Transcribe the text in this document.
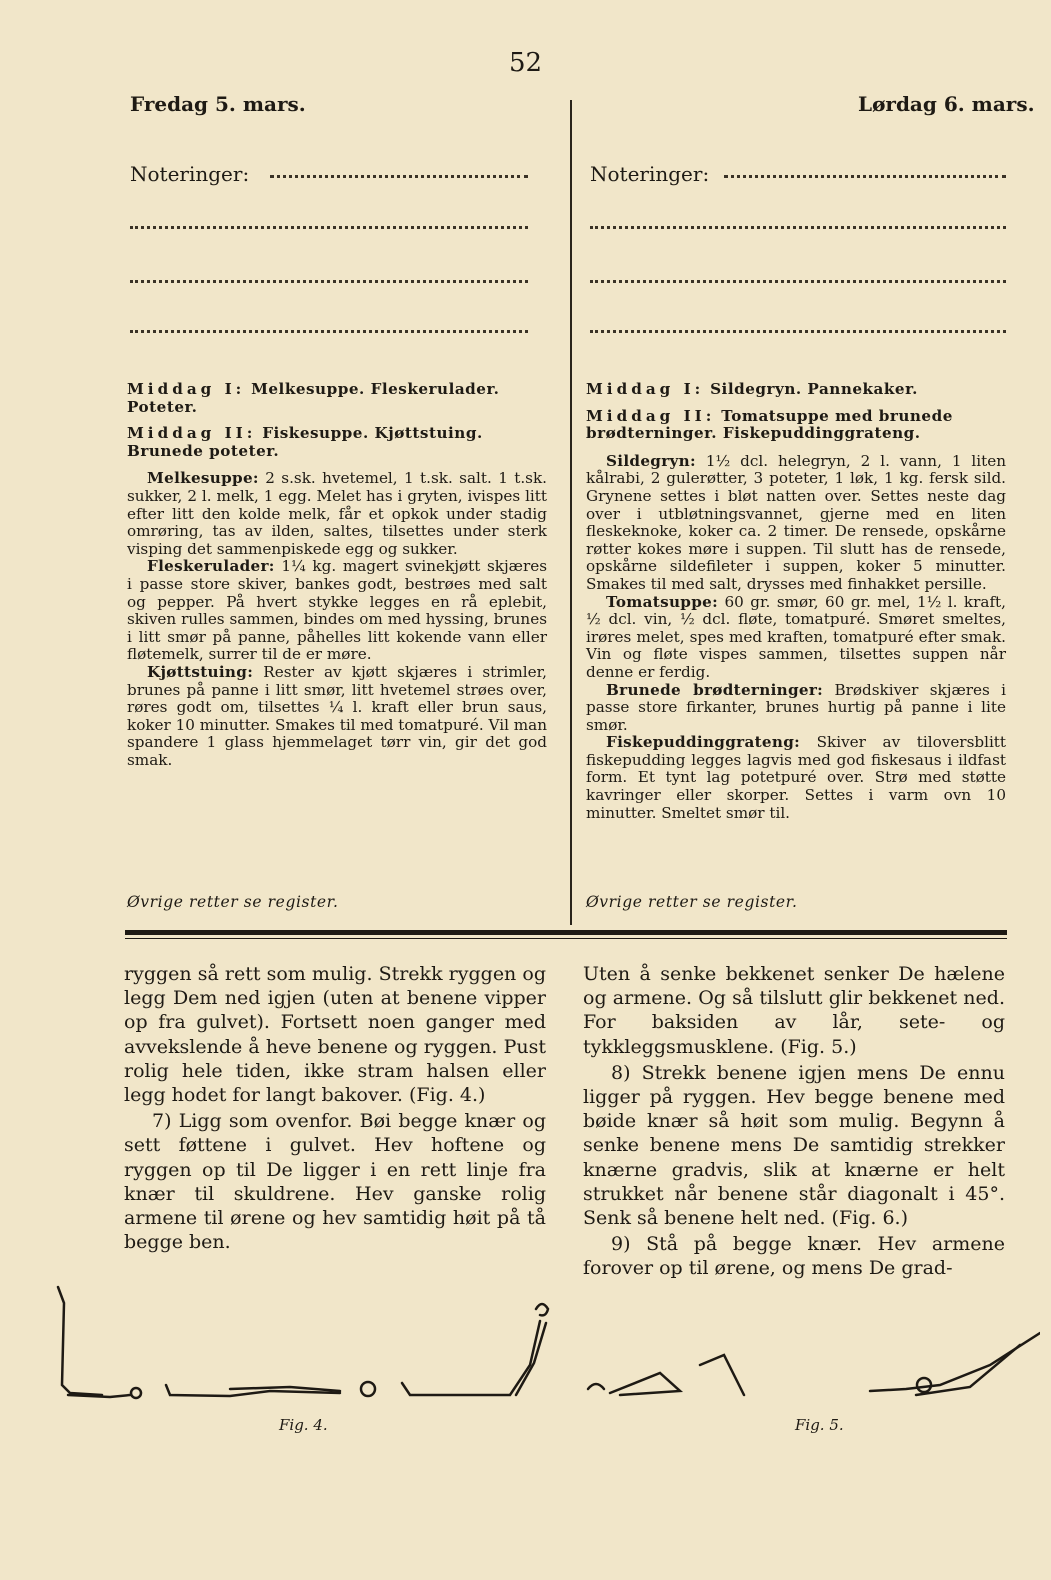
52
Fredag 5. mars.	Lørdag 6. mars.
Noteringer:	Noteringer:
Middag I: Melkesuppe. Fleskerulader. Poteter.
Middag II: Fiskesuppe. Kjøttstuing. Brunede poteter.

Melkesuppe: 2 s.sk. hvetemel, 1 t.sk. salt. 1 t.sk. sukker, 2 l. melk, 1 egg. Melet has i gryten, ivispes litt efter litt den kolde melk, får et opkok under stadig omrøring, tas av ilden, saltes, tilsettes under sterk visping det sammenpiskede egg og sukker.

Fleskerulader: 1¼ kg. magert svinekjøtt skjæres i passe store skiver, bankes godt, bestrøes med salt og pepper. På hvert stykke legges en rå eplebit, skiven rulles sammen, bindes om med hyssing, brunes i litt smør på panne, påhelles litt kokende vann eller fløtemelk, surrer til de er møre.

Kjøttstuing: Rester av kjøtt skjæres i strimler, brunes på panne i litt smør, litt hvetemel strøes over, røres godt om, tilsettes ¼ l. kraft eller brun saus, koker 10 minutter. Smakes til med tomatpuré. Vil man spandere 1 glass hjemmelaget tørr vin, gir det god smak.

Middag I: Sildegryn. Pannekaker.
Middag II: Tomatsuppe med brunede brødterninger. Fiskepuddinggrateng.

Sildegryn: 1½ dcl. helegryn, 2 l. vann, 1 liten kålrabi, 2 gulerøtter, 3 poteter, 1 løk, 1 kg. fersk sild. Grynene settes i bløt natten over. Settes neste dag over i utbløtningsvannet, gjerne med en liten fleskeknoke, koker ca. 2 timer. De rensede, opskårne røtter kokes møre i suppen. Til slutt has de rensede, opskårne sildefileter i suppen, koker 5 minutter. Smakes til med salt, drysses med finhakket persille.

Tomatsuppe: 60 gr. smør, 60 gr. mel, 1½ l. kraft, ½ dcl. vin, ½ dcl. fløte, tomatpuré. Smøret smeltes, irøres melet, spes med kraften, tomatpuré efter smak. Vin og fløte vispes sammen, tilsettes suppen når denne er ferdig.

Brunede brødterninger: Brødskiver skjæres i passe store firkanter, brunes hurtig på panne i lite smør.

Fiskepuddinggrateng: Skiver av tiloversblitt fiskepudding legges lagvis med god fiskesaus i ildfast form. Et tynt lag potetpuré over. Strø med støtte kavringer eller skorper. Settes i varm ovn 10 minutter. Smeltet smør til.

Øvrige retter se register.	Øvrige retter se register.

ryggen så rett som mulig. Strekk ryggen og legg Dem ned igjen (uten at benene vipper op fra gulvet). Fortsett noen ganger med avvekslende å heve benene og ryggen. Pust rolig hele tiden, ikke stram halsen eller legg hodet for langt bakover. (Fig. 4.)

7) Ligg som ovenfor. Bøi begge knær og sett føttene i gulvet. Hev hoftene og ryggen op til De ligger i en rett linje fra knær til skuldrene. Hev ganske rolig armene til ørene og hev samtidig høit på tå begge ben.

Uten å senke bekkenet senker De hælene og armene. Og så tilslutt glir bekkenet ned. For baksiden av lår, sete- og tykkleggsmusklene. (Fig. 5.)

8) Strekk benene igjen mens De ennu ligger på ryggen. Hev begge benene med bøide knær så høit som mulig. Begynn å senke benene mens De samtidig strekker knærne gradvis, slik at knærne er helt strukket når benene står diagonalt i 45°. Senk så benene helt ned. (Fig. 6.)

9) Stå på begge knær. Hev armene forover op til ørene, og mens De grad-

Fig. 4.	Fig. 5.
